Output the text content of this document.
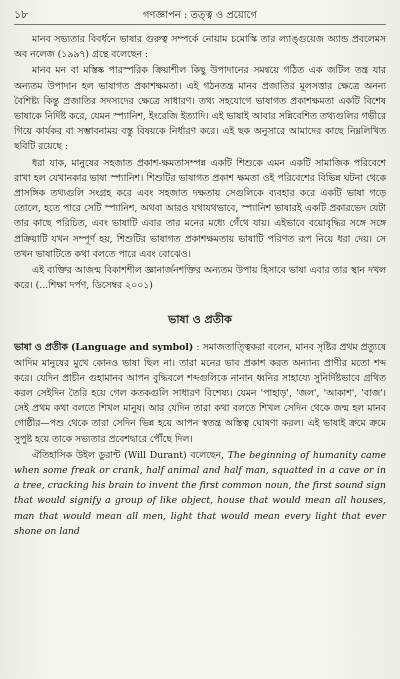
১৮	গণজ্ঞাপন : তত্ত্ব ও প্রয়োগে

মানব সভ্যতার বিবর্ধনে ভাষার গুরুত্ব সম্পর্কে নোয়াম চমোস্কি তার ল্যাঙ্গুয়েজ অ্যান্ড প্রবলেমস অব নলেজ (১৯৯৭) গ্রন্থে বলেছেন :

মানব মন বা মস্তিষ্ক পারস্পরিক ক্রিয়াশীল কিছু উপাদানের সমন্বয়ে গঠিত এক জটিল তন্ত্র যার অন্যতম উপাদান হল ভাষাগত প্রকাশক্ষমতা। এই গঠনতন্ত্র মানব প্রজাতির মূলসত্তার ক্ষেত্রে অনন্য বৈশিষ্ট্য কিন্তু প্রজাতির সদস্যদের ক্ষেত্রে সাধারণ। তথ্য সহযোগে ভাষাগত প্রকাশক্ষমতা একটি বিশেষ ভাষাকে নির্দিষ্ট করে, যেমন স্প্যানিশ, ইংরেজি ইত্যাদি। এই ভাষাই আবার সন্নিবেশিত তথ্যগুলির গভীরে গিয়ে কার্যকর বা সম্ভাবনাময় বস্তু বিষয়কে নির্ধারণ করে। এই ছক অনুসারে আমাদের কাছে নিম্নলিখিত ছবিটি রয়েছে :

ধরা যাক, মানুষের সহজাত প্রকাশ-ক্ষমতাসম্পন্ন একটি শিশুকে এমন একটি সামাজিক পরিবেশে রাখা হল যেখানকার ভাষা স্প্যানিশ। শিশুটির ভাষাগত প্রকাশ ক্ষমতা ওই পরিবেশের বিভিন্ন ঘটনা থেকে প্রাসঙ্গিক তথ্যগুলি সংগ্রহ করে এবং সহজাত দক্ষতায় সেগুলিকে ব্যবহার করে একটি ভাষা গড়ে তোলে, হতে পারে সেটি স্প্যানিশ, অথবা আরও যথাযথভাবে, স্প্যানিশ ভাষারই একটি প্রকারভেদ যেটা তার কাছে পরিচিত, এবং ভাষাটি এবার তার মনের মধ্যে গেঁথে যায়। এইভাবে বয়োবৃদ্ধির সঙ্গে সঙ্গে প্রক্রিয়াটি যখন সম্পূর্ণ হয়, শিশুটির ভাষাগত প্রকাশক্ষমতায় ভাষাটি পরিণত রূপ নিয়ে ধরা দেয়। সে তখন ভাষাটিতে কথা বলতে পারে এবং বোঝেও।

এই ব্যক্তির আজন্ম বিকাশশীল জ্ঞানার্জনশক্তির অন্যতম উপায় হিসাবে ভাষা এবার তার স্থান দখল করে। (...শিক্ষা দর্পণ, ডিসেম্বর ২০০১)

ভাষা ও প্রতীক

ভাষা ও প্রতীক (Language and symbol) : সমাজতাত্ত্বিকরা বলেন, মানব সৃষ্টির প্রথম প্রত্যুষে আদিম মানুষের মুখে কোনও ভাষা ছিল না। তারা মনের ভাব প্রকাশ করত অন্যান্য প্রাণীর মতো শব্দ করে। যেদিন প্রাচীন গুহামানব আপন বুদ্ধিবলে শব্দগুলিকে নানান ধ্বনির সাহায্যে সুনির্দিষ্টভাবে গ্রথিত করল সেইদিন তৈরি হয়ে গেল কতকগুলি সাধারণ বিশেষ্য। যেমন 'পাহাড়', 'জল', 'আকাশ', 'বাজ'। সেই প্রথম কথা বলতে শিখল মানুষ। আর যেদিন তারা কথা বলতে শিখল সেদিন থেকে জন্ম হল মানব গোষ্ঠীর—পশু থেকে তারা সেদিন ভিন্ন হয়ে আপন স্বতন্ত্র অস্তিত্ব ঘোষণা করল। এই ভাষাই ক্রমে ক্রমে সুপুষ্ট হয়ে তাকে সভ্যতার প্রবেশদ্বারে পৌঁছে দিল।

ঐতিহাসিক উইল ডুরান্ট (Will Durant) বলেছেন, The beginning of humanity came when some freak or crank, half animal and half man, squatted in a cave or in a tree, cracking his brain to invent the first common noun, the first sound sign that would signify a group of like object, house that would mean all houses, man that would mean all men, light that would mean every light that ever shone on land
